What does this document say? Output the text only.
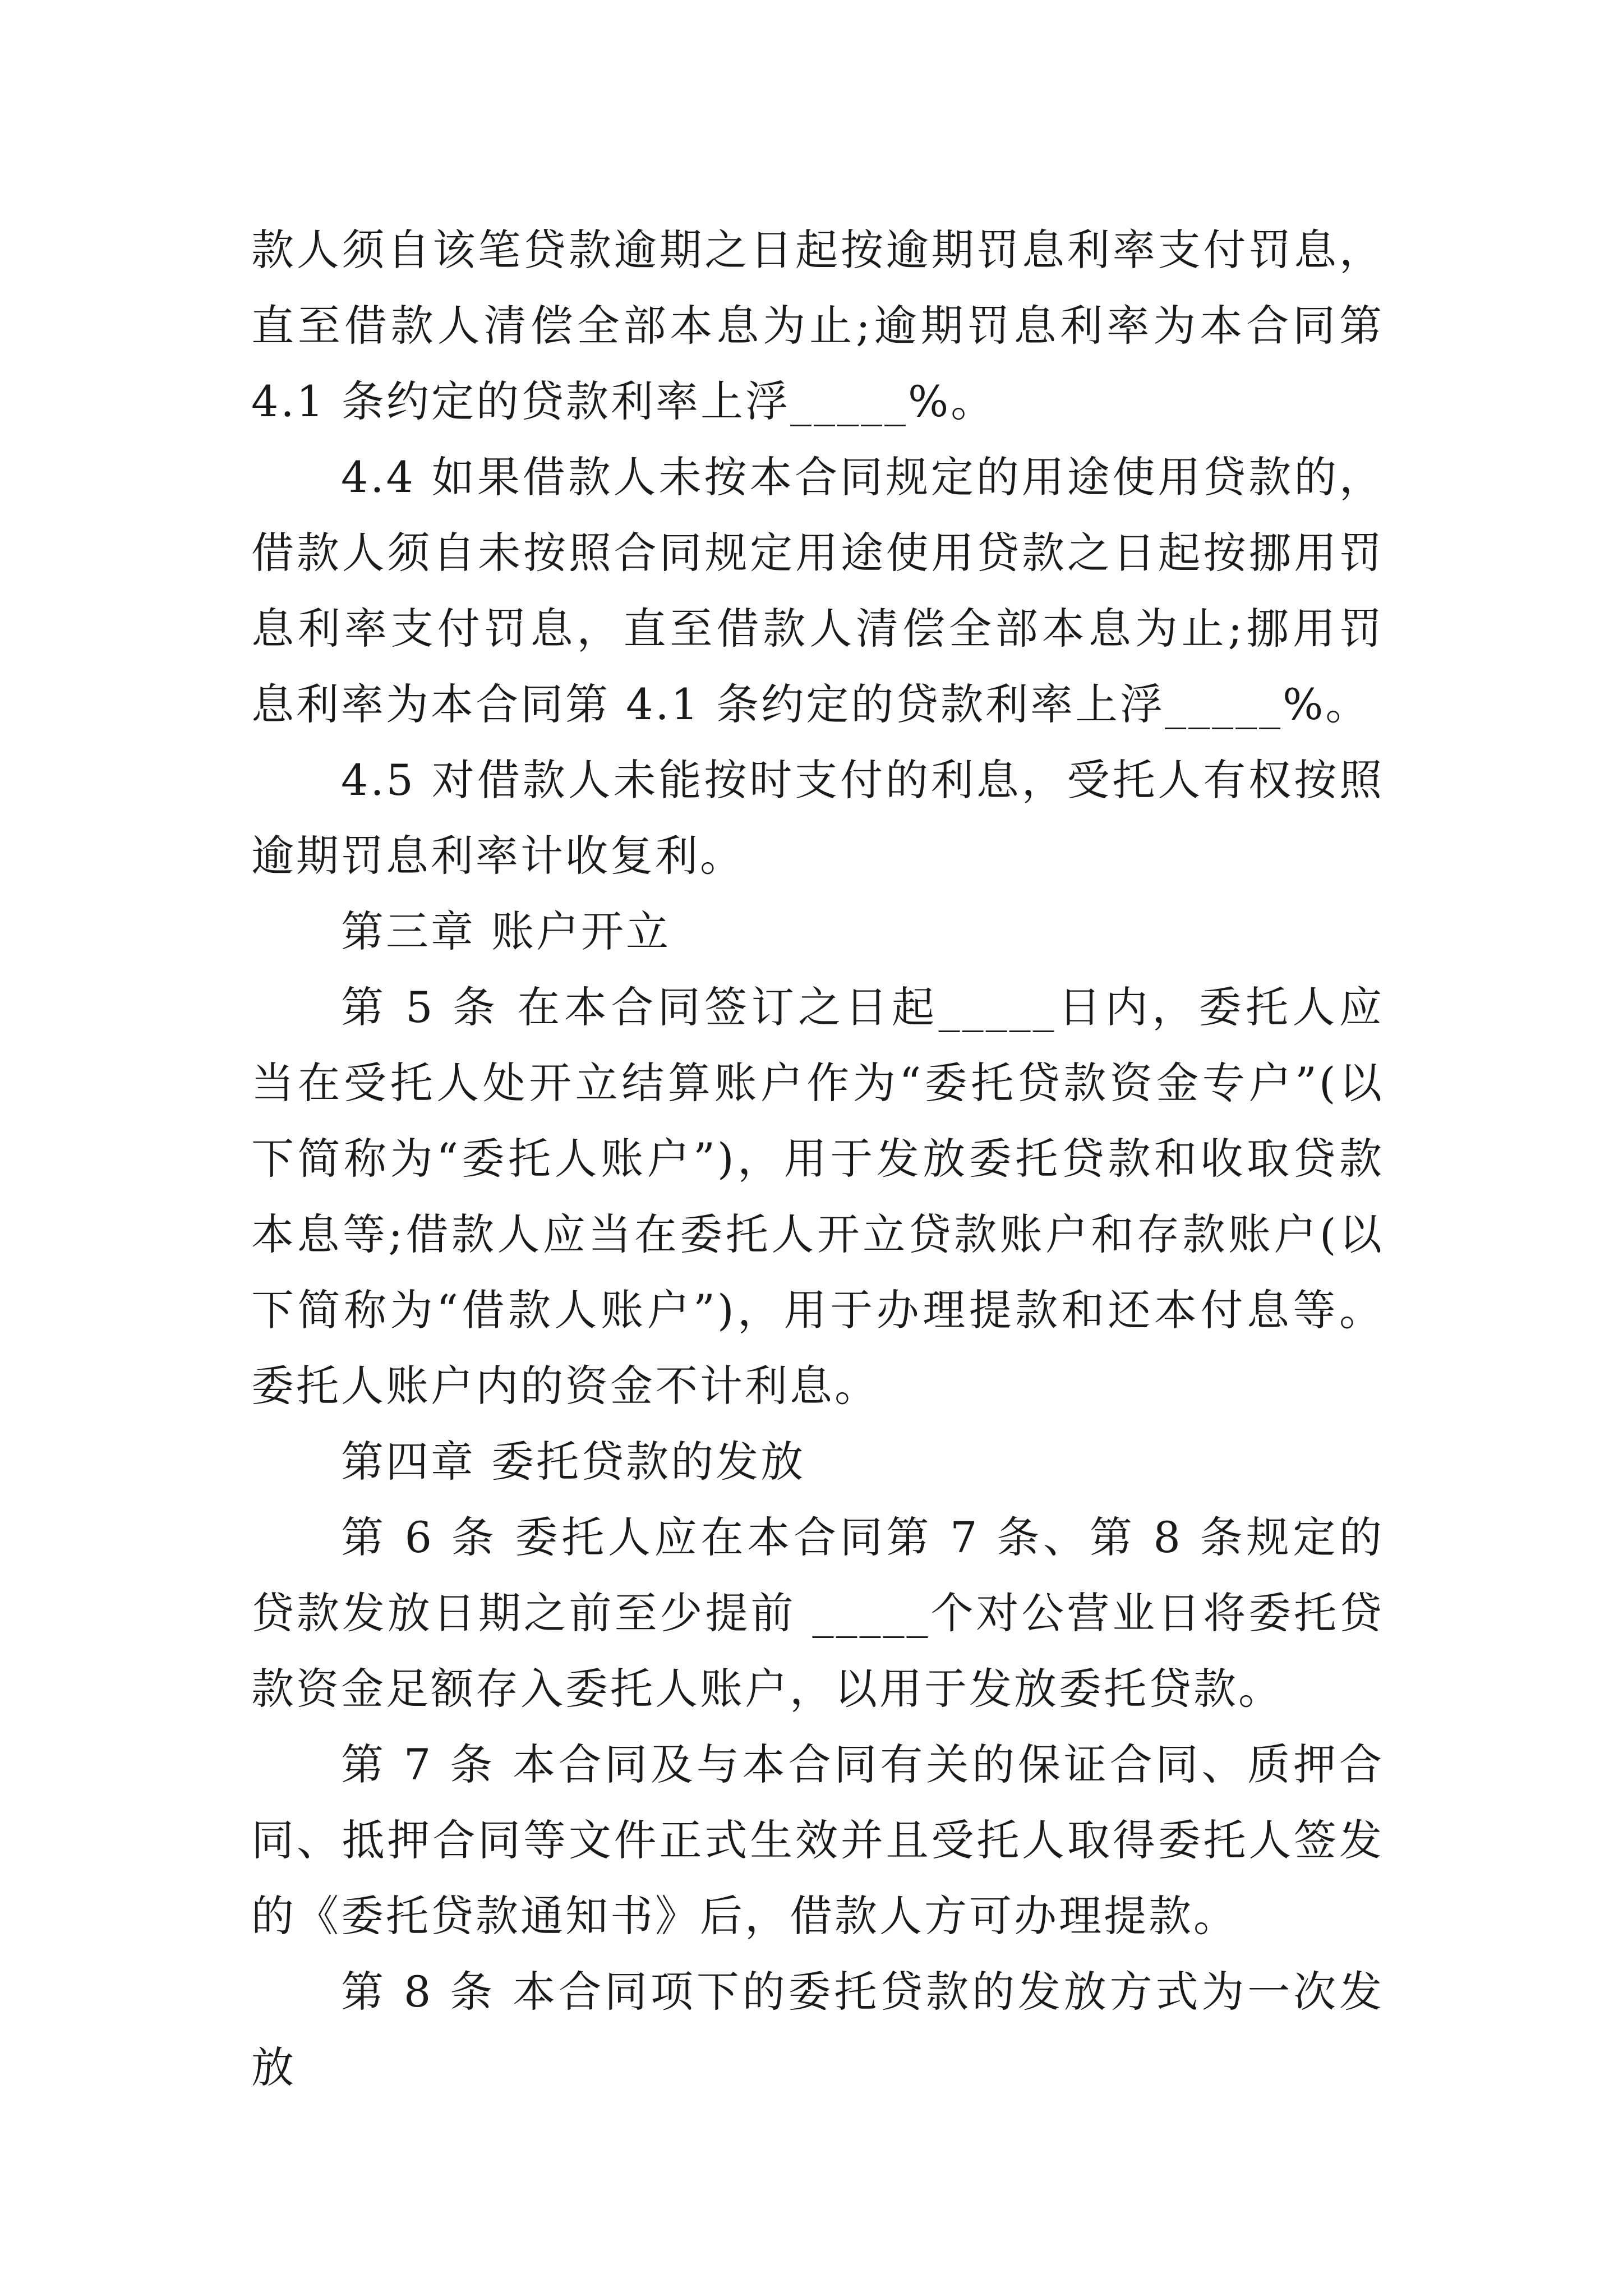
款人须自该笔贷款逾期之日起按逾期罚息利率支付罚息，直至借款人清偿全部本息为止;逾期罚息利率为本合同第 4.1 条约定的贷款利率上浮_____%。

4.4 如果借款人未按本合同规定的用途使用贷款的，借款人须自未按照合同规定用途使用贷款之日起按挪用罚息利率支付罚息，直至借款人清偿全部本息为止;挪用罚息利率为本合同第 4.1 条约定的贷款利率上浮_____%。

4.5 对借款人未能按时支付的利息，受托人有权按照逾期罚息利率计收复利。

第三章 账户开立

第 5 条 在本合同签订之日起_____日内，委托人应当在受托人处开立结算账户作为“委托贷款资金专户”(以下简称为“委托人账户”)，用于发放委托贷款和收取贷款本息等;借款人应当在委托人开立贷款账户和存款账户(以下简称为“借款人账户”)，用于办理提款和还本付息等。委托人账户内的资金不计利息。

第四章 委托贷款的发放

第 6 条 委托人应在本合同第 7 条、第 8 条规定的贷款发放日期之前至少提前 _____个对公营业日将委托贷款资金足额存入委托人账户，以用于发放委托贷款。

第 7 条 本合同及与本合同有关的保证合同、质押合同、抵押合同等文件正式生效并且受托人取得委托人签发的《委托贷款通知书》后，借款人方可办理提款。

第 8 条 本合同项下的委托贷款的发放方式为一次发放
